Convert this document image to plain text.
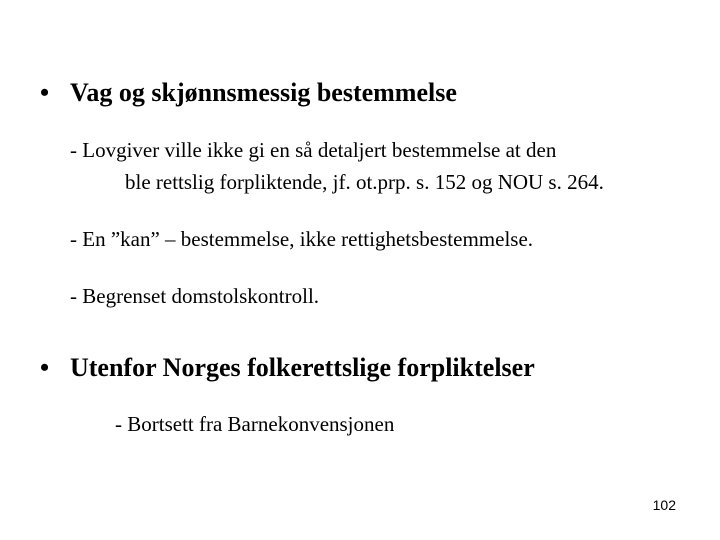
• Vag og skjønnsmessig bestemmelse
- Lovgiver ville ikke gi en så detaljert bestemmelse at den
ble rettslig forpliktende, jf. ot.prp. s. 152 og NOU s. 264.
- En ”kan” – bestemmelse, ikke rettighetsbestemmelse.
- Begrenset domstolskontroll.
• Utenfor Norges folkerettslige forpliktelser
- Bortsett fra Barnekonvensjonen
102
